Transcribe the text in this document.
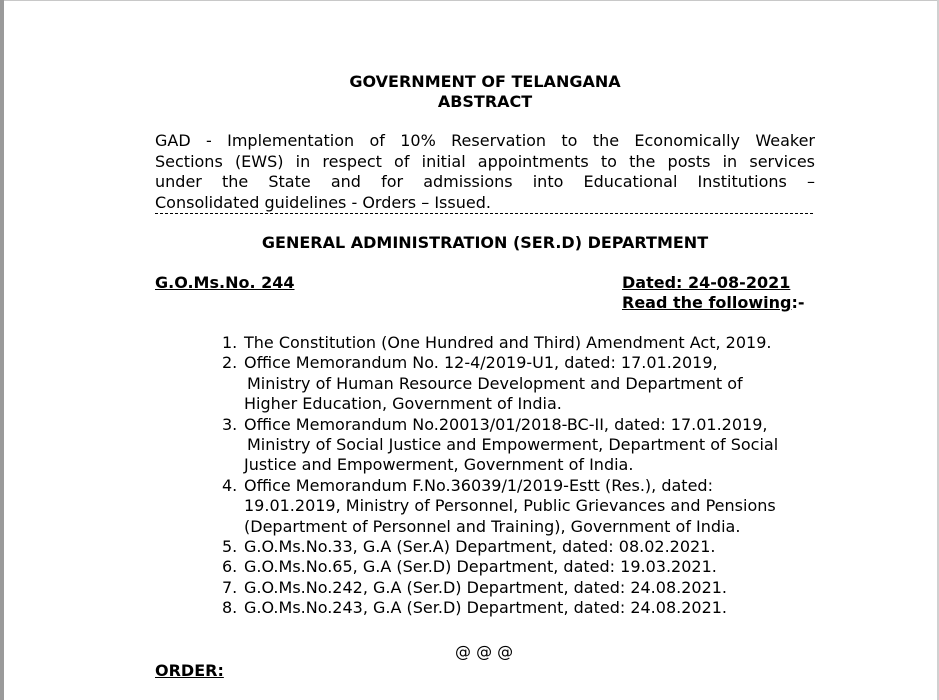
GOVERNMENT OF TELANGANA
ABSTRACT
GAD - Implementation of 10% Reservation to the Economically Weaker
Sections (EWS) in respect of initial appointments to the posts in services
under the State and for admissions into Educational Institutions –
Consolidated guidelines - Orders – Issued.
GENERAL ADMINISTRATION (SER.D) DEPARTMENT
G.O.Ms.No. 244	Dated: 24-08-2021
Read the following:-
1. The Constitution (One Hundred and Third) Amendment Act, 2019.
2. Office Memorandum No. 12-4/2019-U1, dated: 17.01.2019,
Ministry of Human Resource Development and Department of
Higher Education, Government of India.
3. Office Memorandum No.20013/01/2018-BC-II, dated: 17.01.2019,
Ministry of Social Justice and Empowerment, Department of Social
Justice and Empowerment, Government of India.
4. Office Memorandum F.No.36039/1/2019-Estt (Res.), dated:
19.01.2019, Ministry of Personnel, Public Grievances and Pensions
(Department of Personnel and Training), Government of India.
5. G.O.Ms.No.33, G.A (Ser.A) Department, dated: 08.02.2021.
6. G.O.Ms.No.65, G.A (Ser.D) Department, dated: 19.03.2021.
7. G.O.Ms.No.242, G.A (Ser.D) Department, dated: 24.08.2021.
8. G.O.Ms.No.243, G.A (Ser.D) Department, dated: 24.08.2021.
@ @ @
ORDER:
